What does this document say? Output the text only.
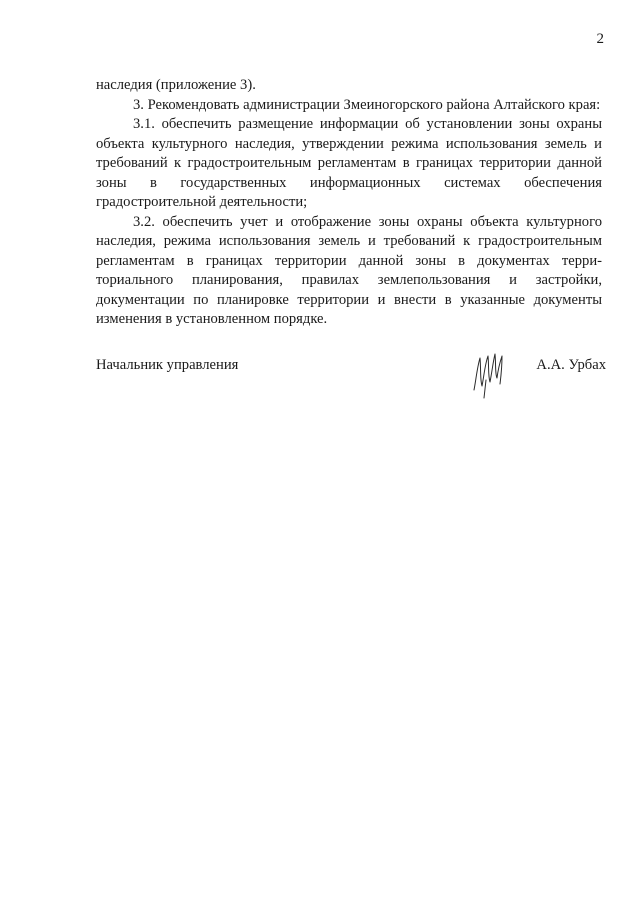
2

наследия (приложение 3).

3. Рекомендовать администрации Змеиногорского района Алтайского края:

3.1. обеспечить размещение информации об установлении зоны охраны объекта культурного наследия, утверждении режима использования земель и требований к градостроительным регламентам в границах территории данной зоны в государственных информационных системах обеспечения градостроительной деятельности;

3.2. обеспечить учет и отображение зоны охраны объекта культурного наследия, режима использования земель и требований к градостроительным регламентам в границах территории данной зоны в документах территориального планирования, правилах землепользования и застройки, документации по планировке территории и внести в указанные документы изменения в установленном порядке.

Начальник управления	А.А. Урбах
